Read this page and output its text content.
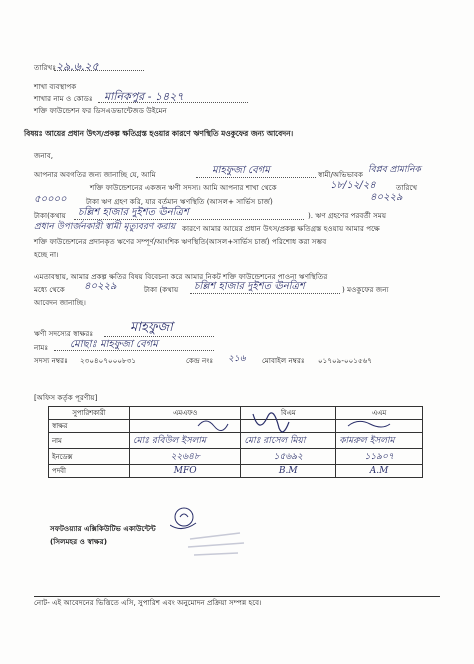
তারিখঃ ২৯.৬.২৫
শাখা ব্যবস্থাপক
শাখার নাম ও কোডঃ মানিকপুর - ১৪২৭
শক্তি ফাউন্ডেশন ফর ডিসএডভান্টেজড উইমেন
বিষয়ঃ আয়ের প্রধান উৎস/প্রকল্প ক্ষতিগ্রস্ত হওয়ার কারণে ঋণস্থিতি মওকুফের জন্য আবেদন।
জনাব,
আপনার অবগতির জন্য জানাচ্ছি যে, আমি	মাহফুজা বেগম	স্বামী/অভিভাবক বিপ্লব প্রামানিক
শক্তি ফাউন্ডেশনের একজন ঋণী সদস্য। আমি আপনার শাখা থেকে	১৮/১২/২৪	তারিখে
৫০০০০	টাকা ঋণ গ্রহণ করি, যার বর্তমান ঋণস্থিতি (আসল+ সার্ভিস চার্জ)	৪০২২৯
টাকা(কথায় চল্লিশ হাজার দুইশত ঊনত্রিশ	). ঋণ গ্রহণের পরবর্তী সময়
প্রধান উপার্জনকারী স্বামী মৃত্যুবরণ করায় কারণে আমার আয়ের প্রধান উৎস/প্রকল্প ক্ষতিগ্রস্ত হওয়ায় আমার পক্ষে
শক্তি ফাউন্ডেশনের প্রদানকৃত ঋণের সম্পূর্ণ/আংশিক ঋণস্থিতি(আসল+সার্ভিস চার্জ) পরিশোধ করা সম্ভব
হচ্ছে না।
এমতাবস্থায়, আমার প্রকল্প ক্ষতির বিষয় বিবেচনা করে আমার নিকট শক্তি ফাউন্ডেশনের পাওনা ঋণস্থিতির
মধ্যে থেকে ৪০২২৯	টাকা (কথায় চল্লিশ হাজার দুইশত ঊনত্রিশ	) মওকুফের জন্য
আবেদন জানাচ্ছি।
ঋণী সদস্যের স্বাক্ষরঃ	মাহফুজা
নামঃ মোছাঃ মাহফুজা বেগম
সদস্য নম্বরঃ ২৩০৪০৭০০০৮৩১	কেন্দ্র নংঃ ২১৬ মোবাইল নম্বরঃ ০১৭০৯-০০১৫৬৭
[অফিস কর্তৃক পূরণীয়]
সুপারিশকারী	এমএফও	বিএম	এএম
স্বাক্ষর			
নাম	মোঃ রবিউল ইসলাম	মোঃ রাসেল মিয়া	কামরুল ইসলাম
ইনডেক্স	২২৬৪৮	১৫৬৯২	১১৯০৭
পদবী	MFO	B.M	A.M
সফটওয়্যার এক্সিকিউটিভ একাউন্টেন্ট
(সিলমহর ও স্বাক্ষর)
নোট- এই আবেদনের ভিত্তিতে এসি, সুপারিশ এবং অনুমোদন প্রক্রিয়া সম্পন্ন হবে।
